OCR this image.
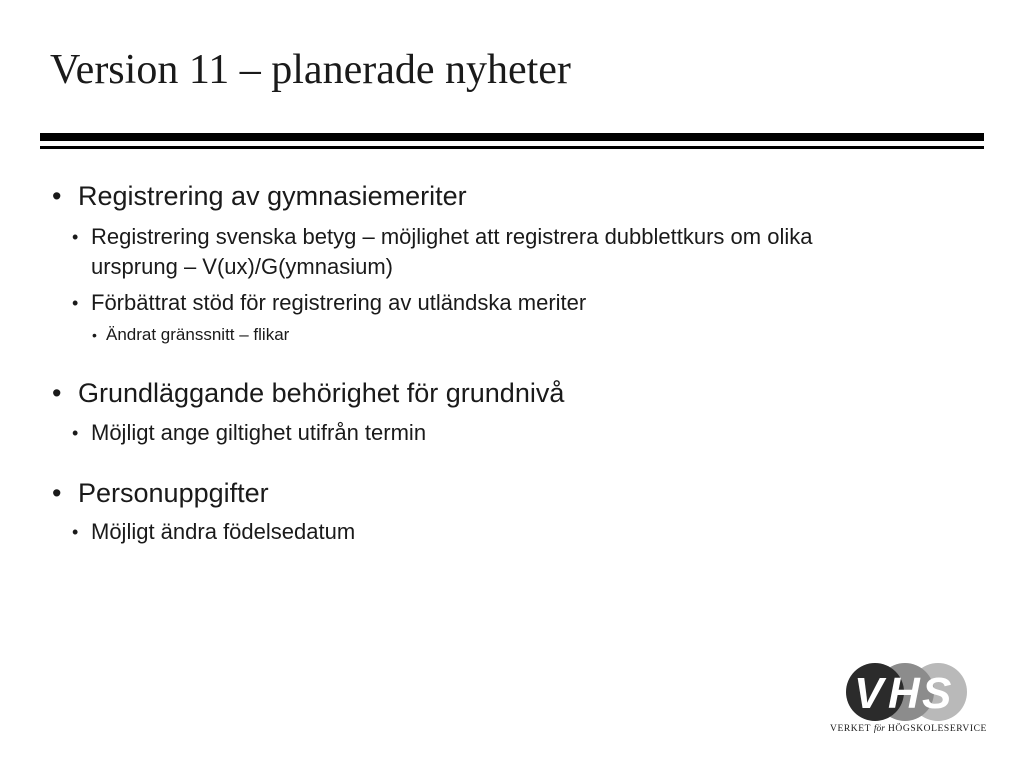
Version 11 – planerade nyheter
• Registrering av gymnasiemeriter

• Registrering svenska betyg – möjlighet att registrera dubblettkurs om olika

ursprung – V(ux)/G(ymnasium)

• Förbättrat stöd för registrering av utländska meriter

• Ändrat gränssnitt – flikar

• Grundläggande behörighet för grundnivå

• Möjligt ange giltighet utifrån termin

• Personuppgifter

• Möjligt ändra födelsedatum

V H S
VERKET för HÖGSKOLESERVICE
